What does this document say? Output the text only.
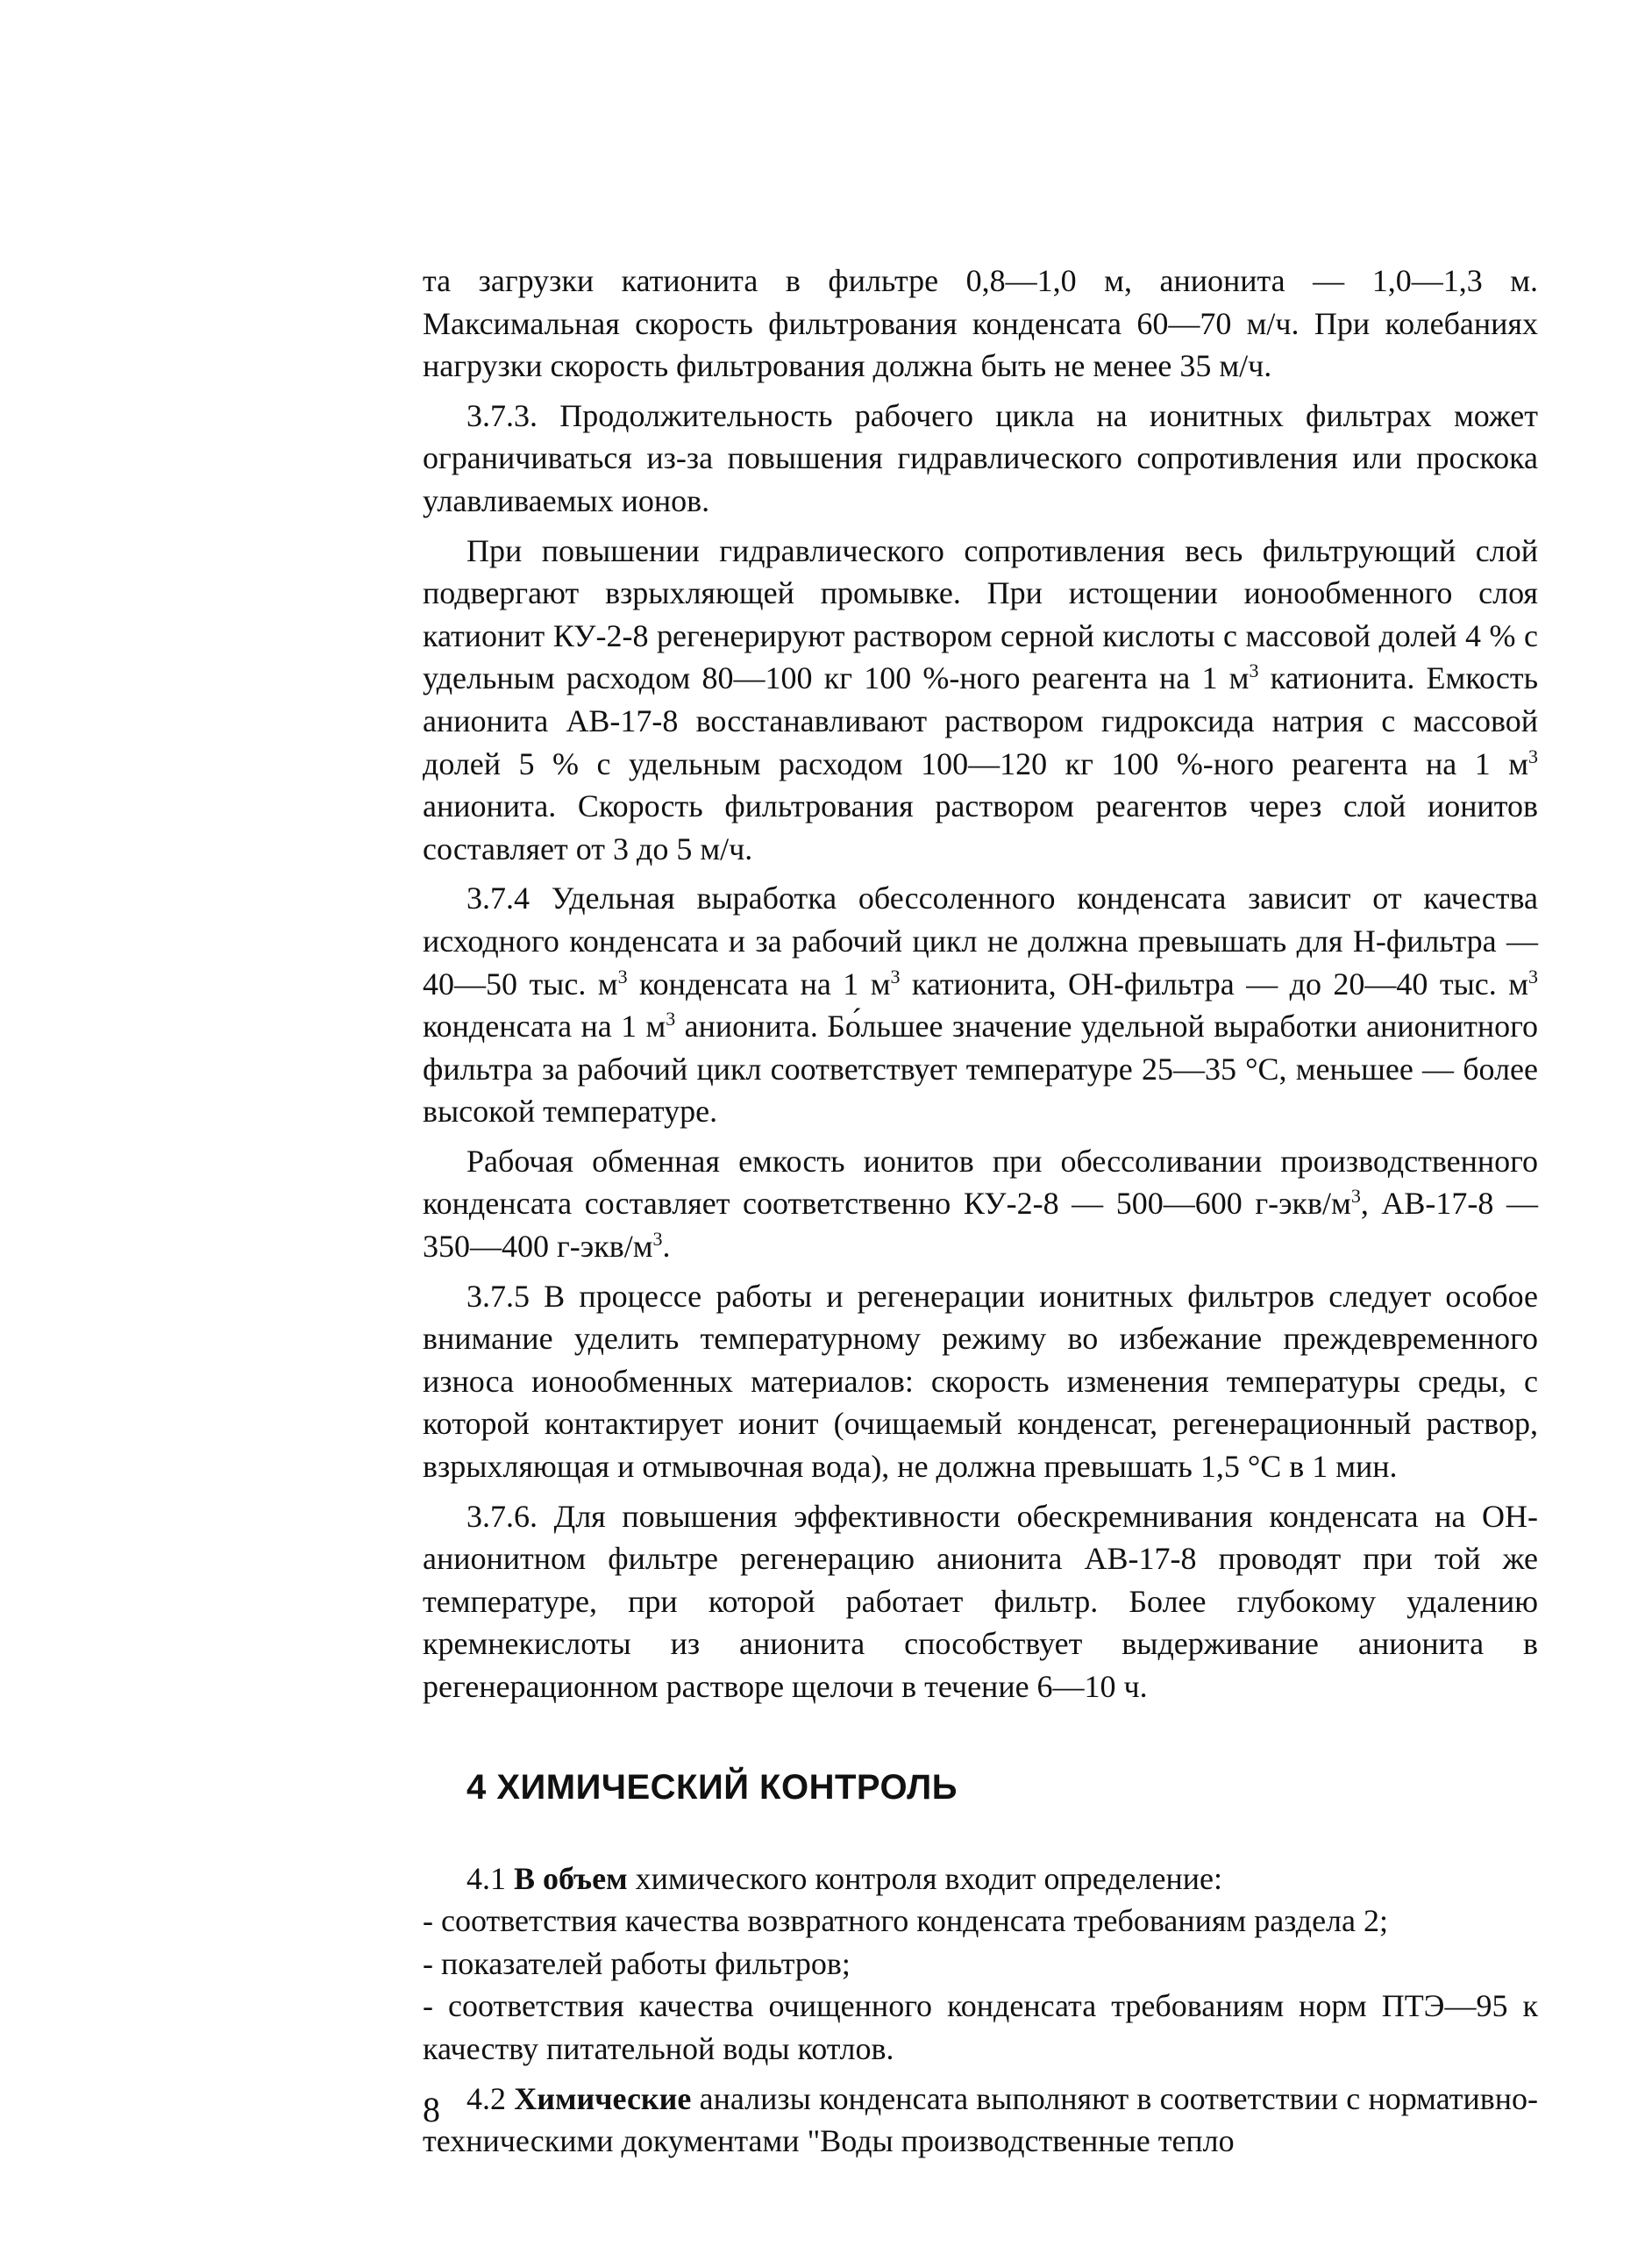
та загрузки катионита в фильтре 0,8—1,0 м, анионита — 1,0—1,3 м. Максимальная скорость фильтрования конденсата 60—70 м/ч. При колебаниях нагрузки скорость фильтрования должна быть не менее 35 м/ч.

3.7.3. Продолжительность рабочего цикла на ионитных фильтрах может ограничиваться из-за повышения гидравлического сопротивления или проскока улавливаемых ионов.

При повышении гидравлического сопротивления весь фильтрующий слой подвергают взрыхляющей промывке. При истощении ионообменного слоя катионит КУ-2-8 регенерируют раствором серной кислоты с массовой долей 4 % с удельным расходом 80—100 кг 100 %-ного реагента на 1 $м^3$ катионита. Емкость анионита АВ-17-8 восстанавливают раствором гидроксида натрия с массовой долей 5 % с удельным расходом 100—120 кг 100 %-ного реагента на 1 $м^3$ анионита. Скорость фильтрования раствором реагентов через слой ионитов составляет от 3 до 5 м/ч.

3.7.4 Удельная выработка обессоленного конденсата зависит от качества исходного конденсата и за рабочий цикл не должна превышать для Н-фильтра — 40—50 тыс. $м^3$ конденсата на 1 $м^3$ катионита, ОН-фильтра — до 20—40 тыс. $м^3$ конденсата на 1 $м^3$ анионита. Бо́льшее значение удельной выработки анионитного фильтра за рабочий цикл соответствует температуре 25—35 °С, меньшее — более высокой температуре.

Рабочая обменная емкость ионитов при обессоливании производственного конденсата составляет соответственно КУ-2-8 — 500—600 $г-экв/м^3$, АВ-17-8 — 350—400 $г-экв/м^3$.

3.7.5 В процессе работы и регенерации ионитных фильтров следует особое внимание уделить температурному режиму во избежание преждевременного износа ионообменных материалов: скорость изменения температуры среды, с которой контактирует ионит (очищаемый конденсат, регенерационный раствор, взрыхляющая и отмывочная вода), не должна превышать 1,5 °С в 1 мин.

3.7.6. Для повышения эффективности обескремнивания конденсата на ОН-анионитном фильтре регенерацию анионита АВ-17-8 проводят при той же температуре, при которой работает фильтр. Более глубокому удалению кремнекислоты из анионита способствует выдерживание анионита в регенерационном растворе щелочи в течение 6—10 ч.

4 ХИМИЧЕСКИЙ КОНТРОЛЬ

4.1 В объем химического контроля входит определение:

- соответствия качества возвратного конденсата требованиям раздела 2;

- показателей работы фильтров;

- соответствия качества очищенного конденсата требованиям норм ПТЭ—95 к качеству питательной воды котлов.

4.2 Химические анализы конденсата выполняют в соответствии с нормативно-техническими документами "Воды производственные тепло

8
